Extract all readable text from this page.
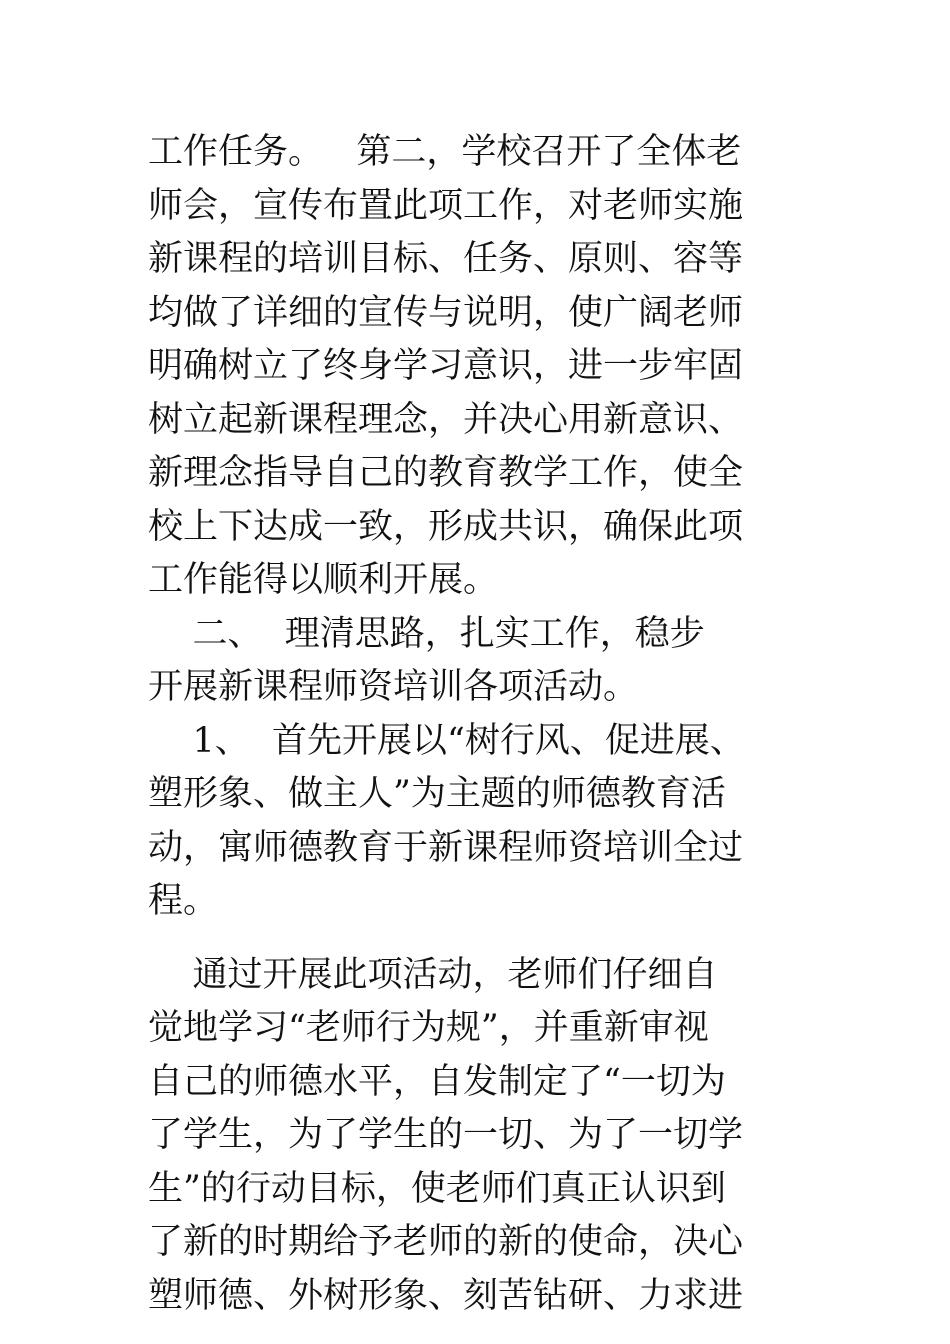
工作任务。   第二，学校召开了全体老
师会，宣传布置此项工作，对老师实施
新课程的培训目标、任务、原则、容等
均做了详细的宣传与说明，使广阔老师
明确树立了终身学习意识，进一步牢固
树立起新课程理念，并决心用新意识、
新理念指导自己的教育教学工作，使全
校上下达成一致，形成共识，确保此项
工作能得以顺利开展。
二、  理清思路，扎实工作，稳步
开展新课程师资培训各项活动。
1、  首先开展以“树行风、促进展、
塑形象、做主人”为主题的师德教育活
动，寓师德教育于新课程师资培训全过
程。
通过开展此项活动，老师们仔细自
觉地学习“老师行为规”，并重新审视
自己的师德水平，自发制定了“一切为
了学生，为了学生的一切、为了一切学
生”的行动目标，使老师们真正认识到
了新的时期给予老师的新的使命，决心
塑师德、外树形象、刻苦钻研、力求进
